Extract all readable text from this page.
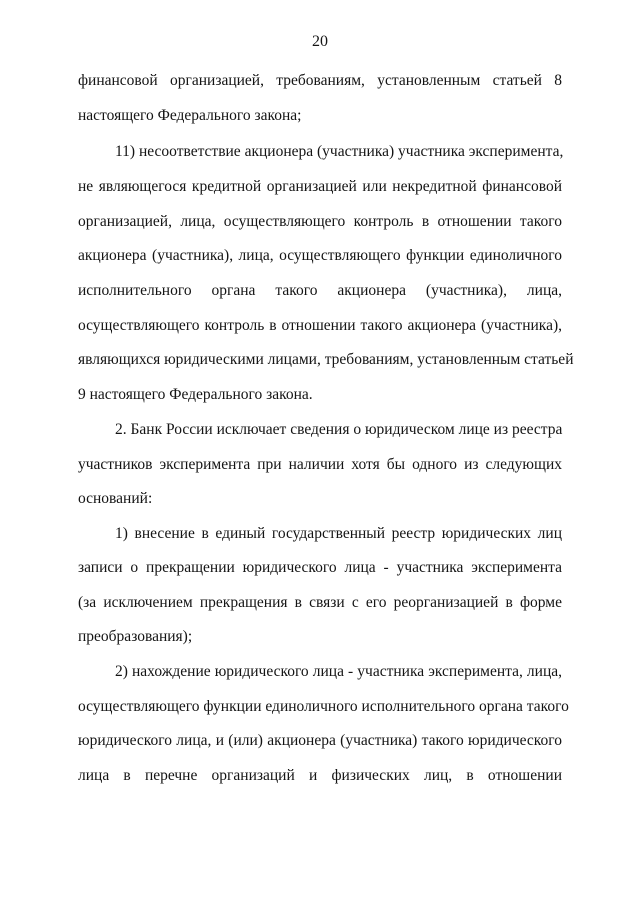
20
финансовой организацией, требованиям, установленным статьей 8
настоящего Федерального закона;
11) несоответствие акционера (участника) участника эксперимента,
не являющегося кредитной организацией или некредитной финансовой
организацией, лица, осуществляющего контроль в отношении такого
акционера (участника), лица, осуществляющего функции единоличного
исполнительного органа такого акционера (участника), лица,
осуществляющего контроль в отношении такого акционера (участника),
являющихся юридическими лицами, требованиям, установленным статьей
9 настоящего Федерального закона.
2. Банк России исключает сведения о юридическом лице из реестра
участников эксперимента при наличии хотя бы одного из следующих
оснований:
1) внесение в единый государственный реестр юридических лиц
записи о прекращении юридического лица - участника эксперимента
(за исключением прекращения в связи с его реорганизацией в форме
преобразования);
2) нахождение юридического лица - участника эксперимента, лица,
осуществляющего функции единоличного исполнительного органа такого
юридического лица, и (или) акционера (участника) такого юридического
лица в перечне организаций и физических лиц, в отношении
